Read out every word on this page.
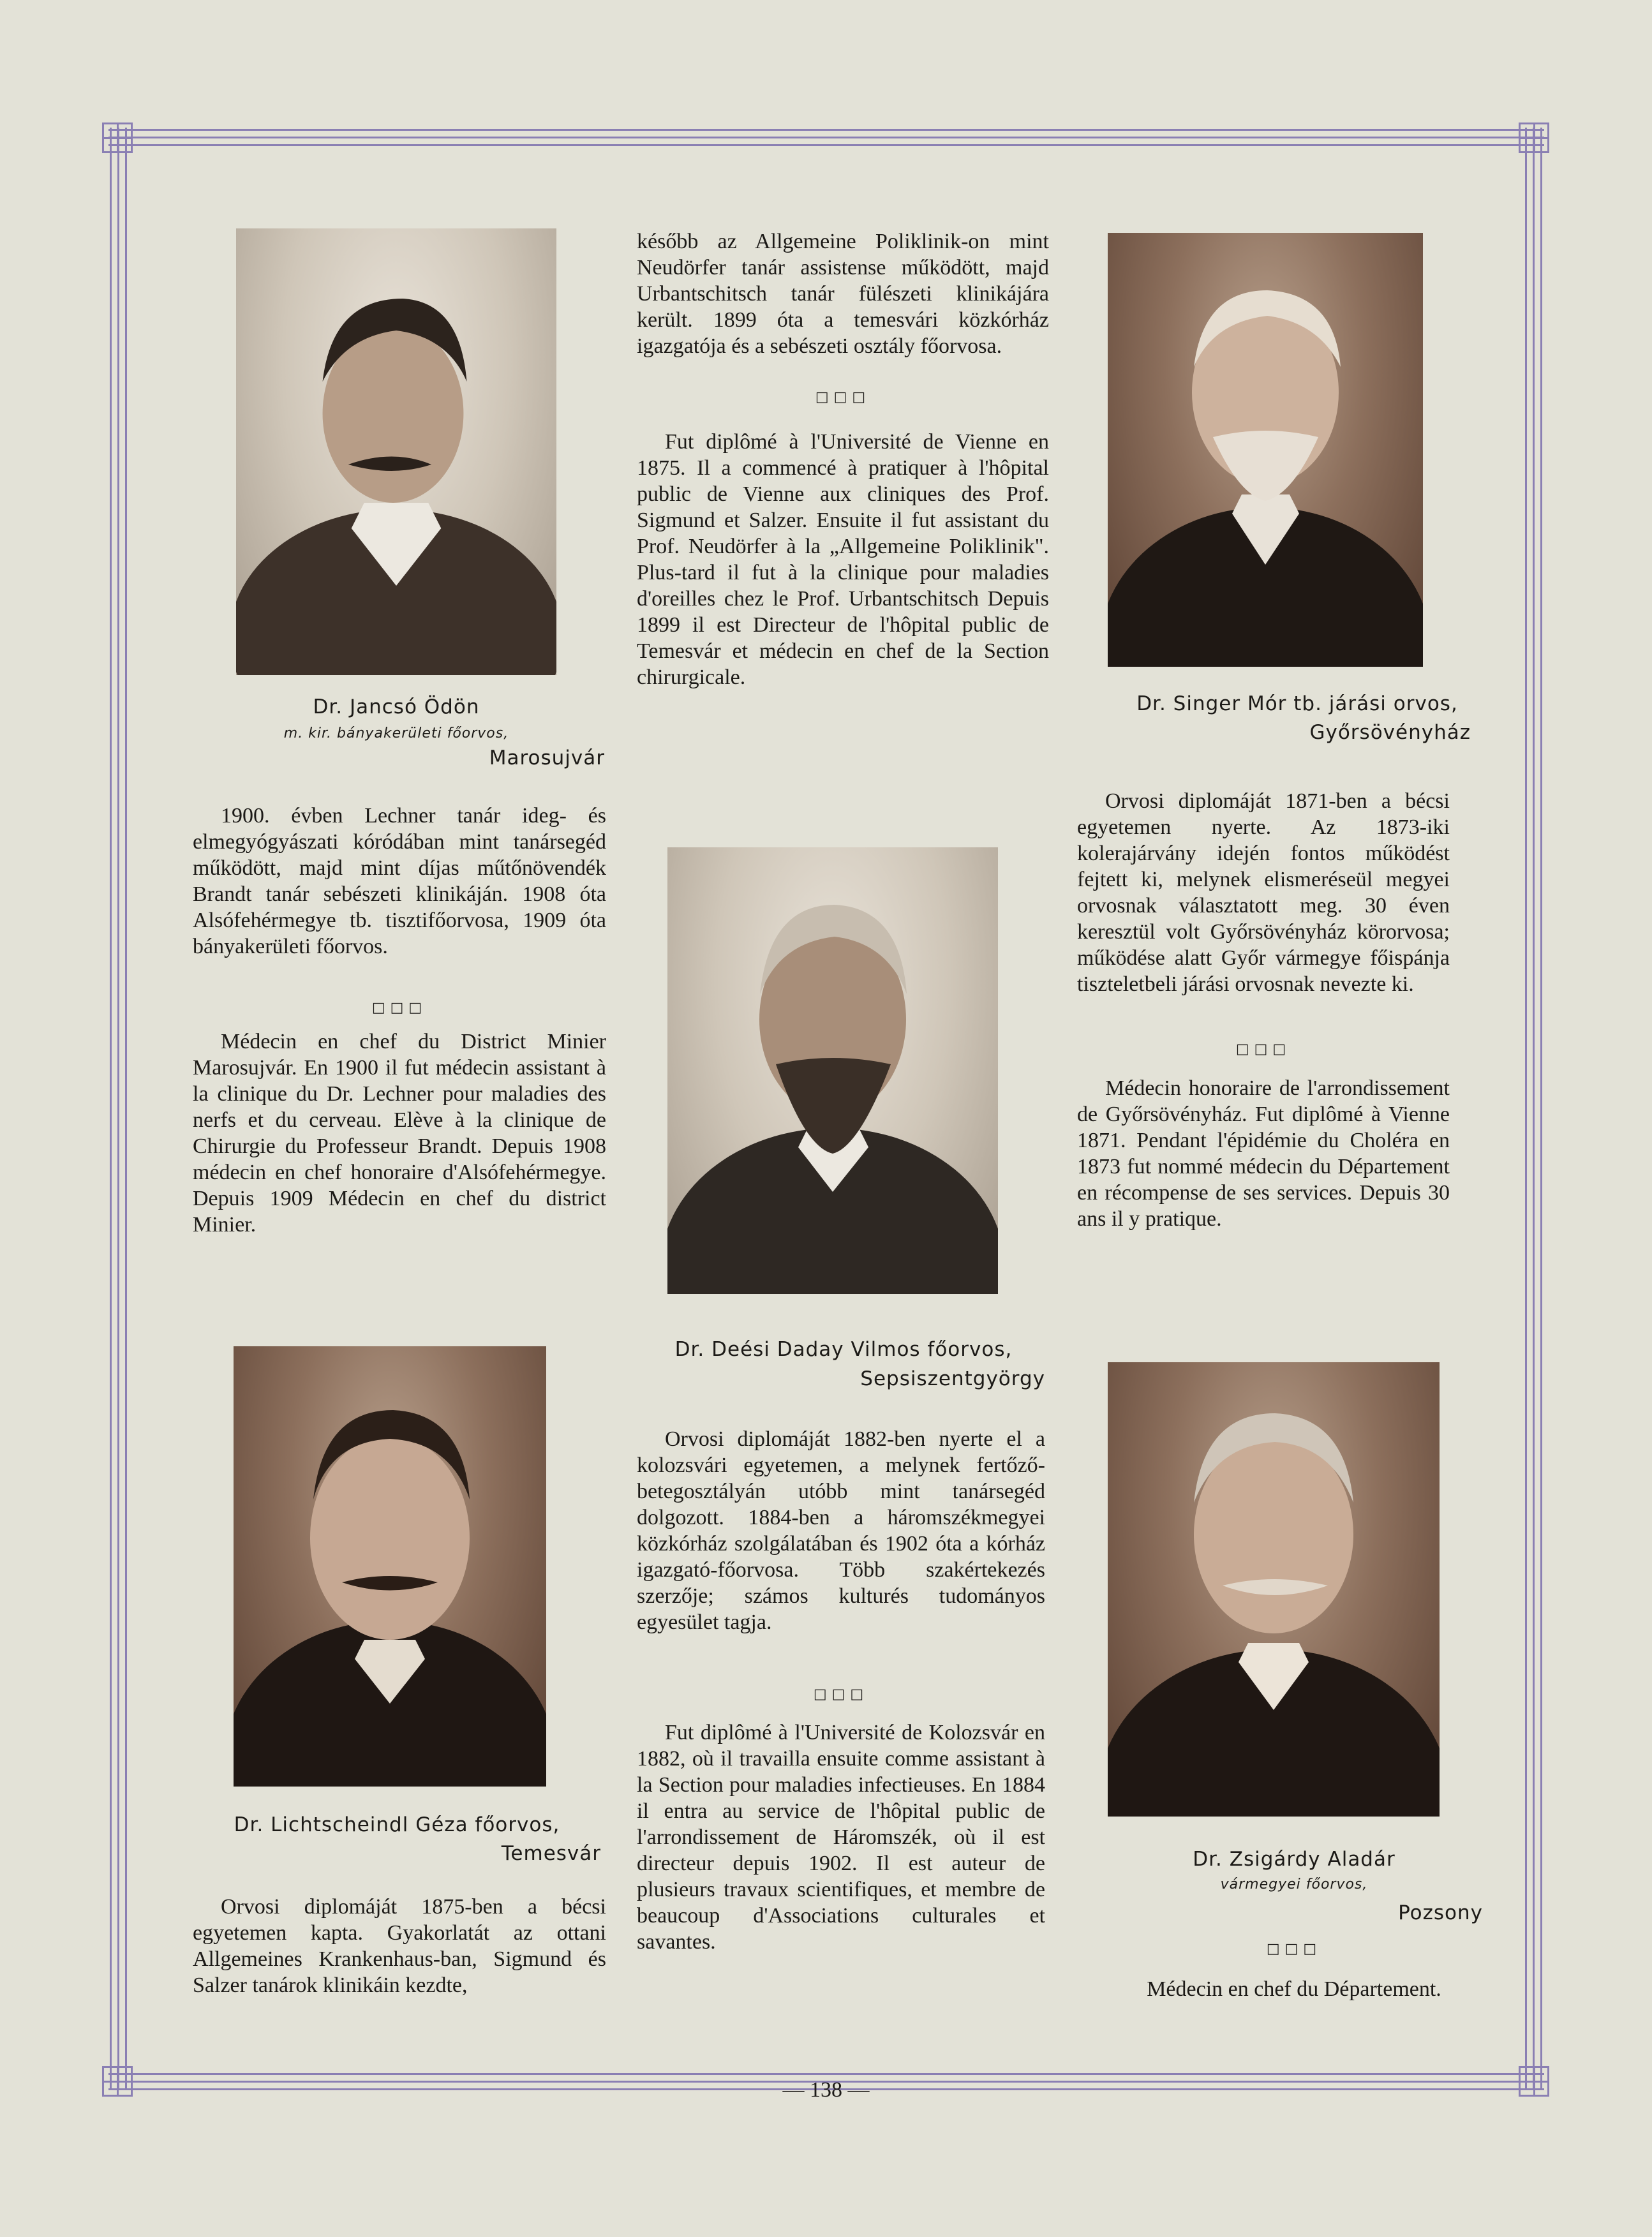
Dr. Jancsó Ödön
m. kir. bányakerületi főorvos,
Marosujvár

1900. évben Lechner tanár ideg- és elmegyógyászati kóródában mint tanársegéd működött, majd mint díjas műtőnövendék Brandt tanár sebészeti klinikáján. 1908 óta Alsófehérmegye tb. tisztifőorvosa, 1909 óta bányakerületi főorvos.

□□□

Médecin en chef du District Minier Marosujvár. En 1900 il fut médecin assistant à la clinique du Dr. Lechner pour maladies des nerfs et du cerveau. Elève à la clinique de Chirurgie du Professeur Brandt. Depuis 1908 médecin en chef honoraire d'Alsófehérmegye. Depuis 1909 Médecin en chef du district Minier.

Dr. Lichtscheindl Géza főorvos,
Temesvár

Orvosi diplomáját 1875-ben a bécsi egyetemen kapta. Gyakorlatát az ottani Allgemeines Krankenhaus-ban, Sigmund és Salzer tanárok klinikáin kezdte,

később az Allgemeine Poliklinik-on mint Neudörfer tanár assistense működött, majd Urbantschitsch tanár fülészeti klinikájára került. 1899 óta a temesvári közkórház igazgatója és a sebészeti osztály főorvosa.

□□□

Fut diplômé à l'Université de Vienne en 1875. Il a commencé à pratiquer à l'hôpital public de Vienne aux cliniques des Prof. Sigmund et Salzer. Ensuite il fut assistant du Prof. Neudörfer à la „Allgemeine Poliklinik". Plus-tard il fut à la clinique pour maladies d'oreilles chez le Prof. Urbantschitsch Depuis 1899 il est Directeur de l'hôpital public de Temesvár et médecin en chef de la Section chirurgicale.

Dr. Deési Daday Vilmos főorvos,
Sepsiszentgyörgy

Orvosi diplomáját 1882-ben nyerte el a kolozsvári egyetemen, a melynek fertőző-betegosztályán utóbb mint tanársegéd dolgozott. 1884-ben a háromszékmegyei közkórház szolgálatában és 1902 óta a kórház igazgató-főorvosa. Több szakértekezés szerzője; számos kulturés tudományos egyesület tagja.

□□□

Fut diplômé à l'Université de Kolozsvár en 1882, où il travailla ensuite comme assistant à la Section pour maladies infectieuses. En 1884 il entra au service de l'hôpital public de l'arrondissement de Háromszék, où il est directeur depuis 1902. Il est auteur de plusieurs travaux scientifiques, et membre de beaucoup d'Associations culturales et savantes.

Dr. Singer Mór tb. járási orvos,
Győrsövényház

Orvosi diplomáját 1871-ben a bécsi egyetemen nyerte. Az 1873-iki kolerajárvány idején fontos működést fejtett ki, melynek elismeréseül megyei orvosnak választatott meg. 30 éven keresztül volt Győrsövényház körorvosa; működése alatt Győr vármegye főispánja tiszteletbeli járási orvosnak nevezte ki.

□□□

Médecin honoraire de l'arrondissement de Győrsövényház. Fut diplômé à Vienne 1871. Pendant l'épidémie du Choléra en 1873 fut nommé médecin du Département en récompense de ses services. Depuis 30 ans il y pratique.

Dr. Zsigárdy Aladár
vármegyei főorvos,
Pozsony
□□□

Médecin en chef du Département.

— 138 —
